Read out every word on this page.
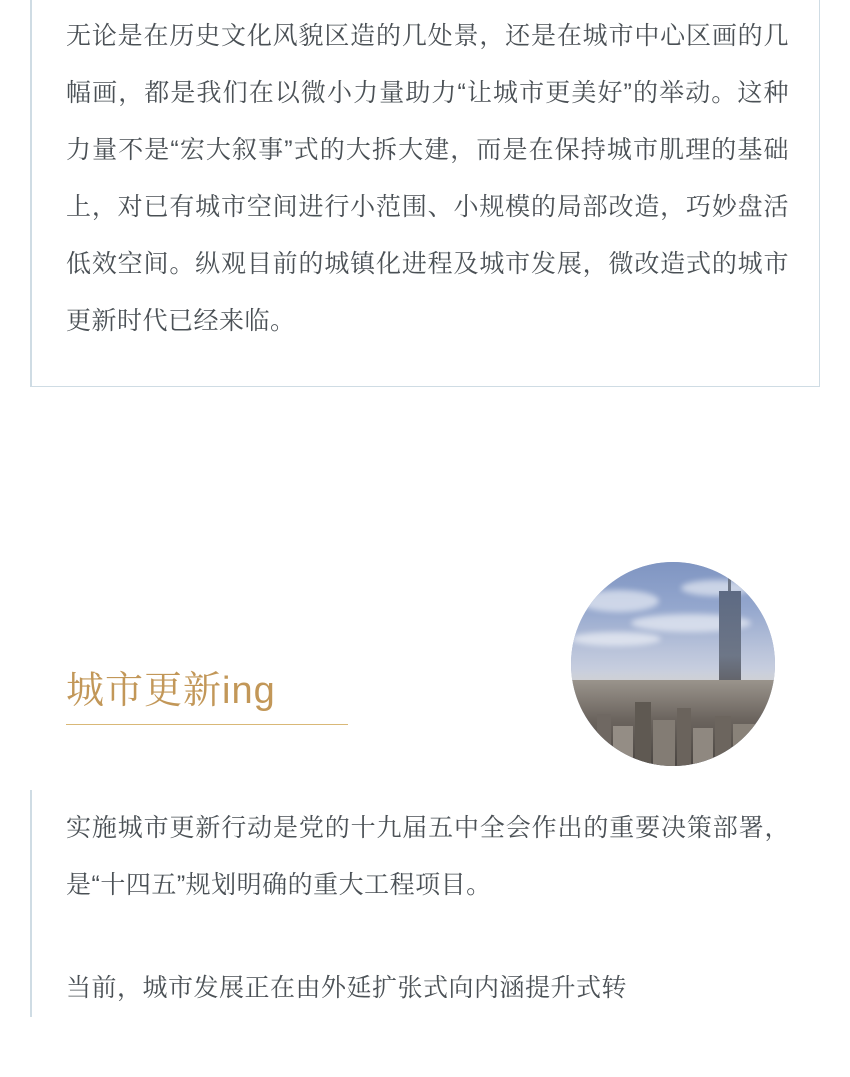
无论是在历史文化风貌区造的几处景，还是在城市中心区画的几幅画，都是我们在以微小力量助力“让城市更美好”的举动。这种力量不是“宏大叙事”式的大拆大建，而是在保持城市肌理的基础上，对已有城市空间进行小范围、小规模的局部改造，巧妙盘活低效空间。纵观目前的城镇化进程及城市发展，微改造式的城市更新时代已经来临。

城市更新ing

实施城市更新行动是党的十九届五中全会作出的重要决策部署，是“十四五”规划明确的重大工程项目。

当前，城市发展正在由外延扩张式向内涵提升式转
